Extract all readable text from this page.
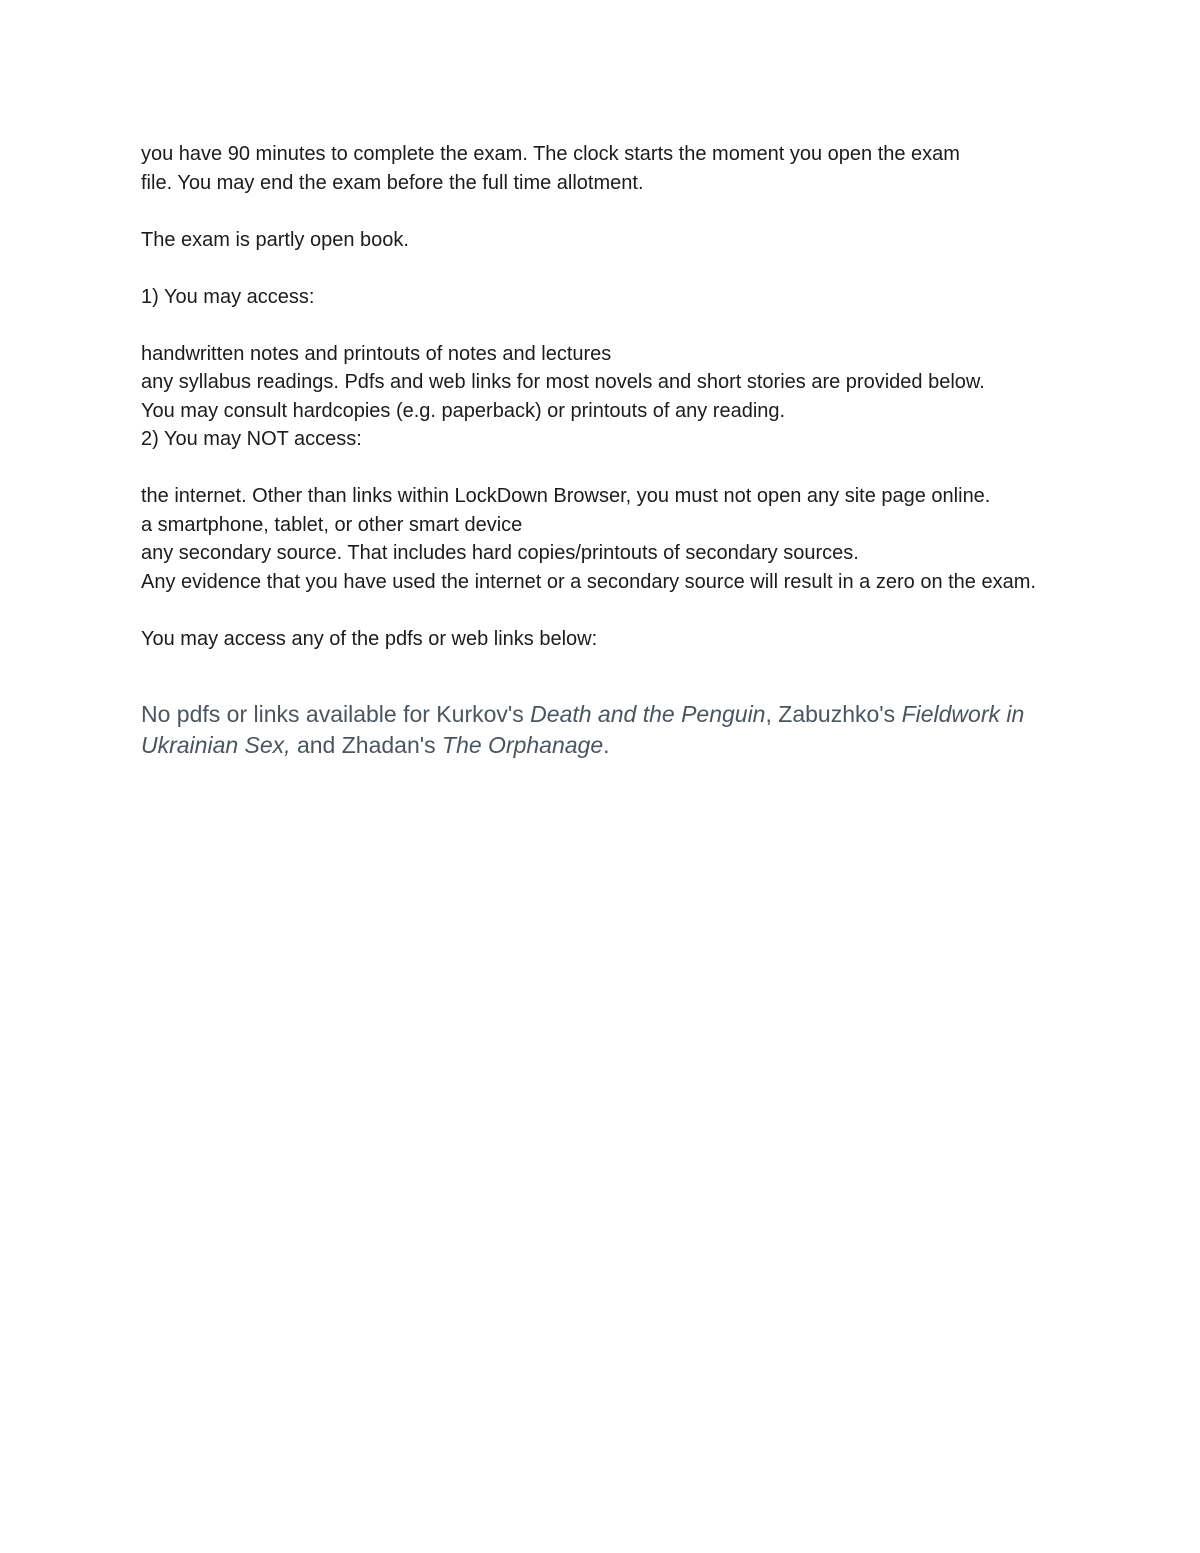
you have 90 minutes to complete the exam. The clock starts the moment you open the exam
file. You may end the exam before the full time allotment.
The exam is partly open book.
1) You may access:
handwritten notes and printouts of notes and lectures
any syllabus readings. Pdfs and web links for most novels and short stories are provided below.
You may consult hardcopies (e.g. paperback) or printouts of any reading.
2) You may NOT access:
the internet. Other than links within LockDown Browser, you must not open any site page online.
a smartphone, tablet, or other smart device
any secondary source. That includes hard copies/printouts of secondary sources.
Any evidence that you have used the internet or a secondary source will result in a zero on the exam.
You may access any of the pdfs or web links below:
No pdfs or links available for Kurkov's Death and the Penguin, Zabuzhko's Fieldwork in Ukrainian Sex, and Zhadan's The Orphanage.
